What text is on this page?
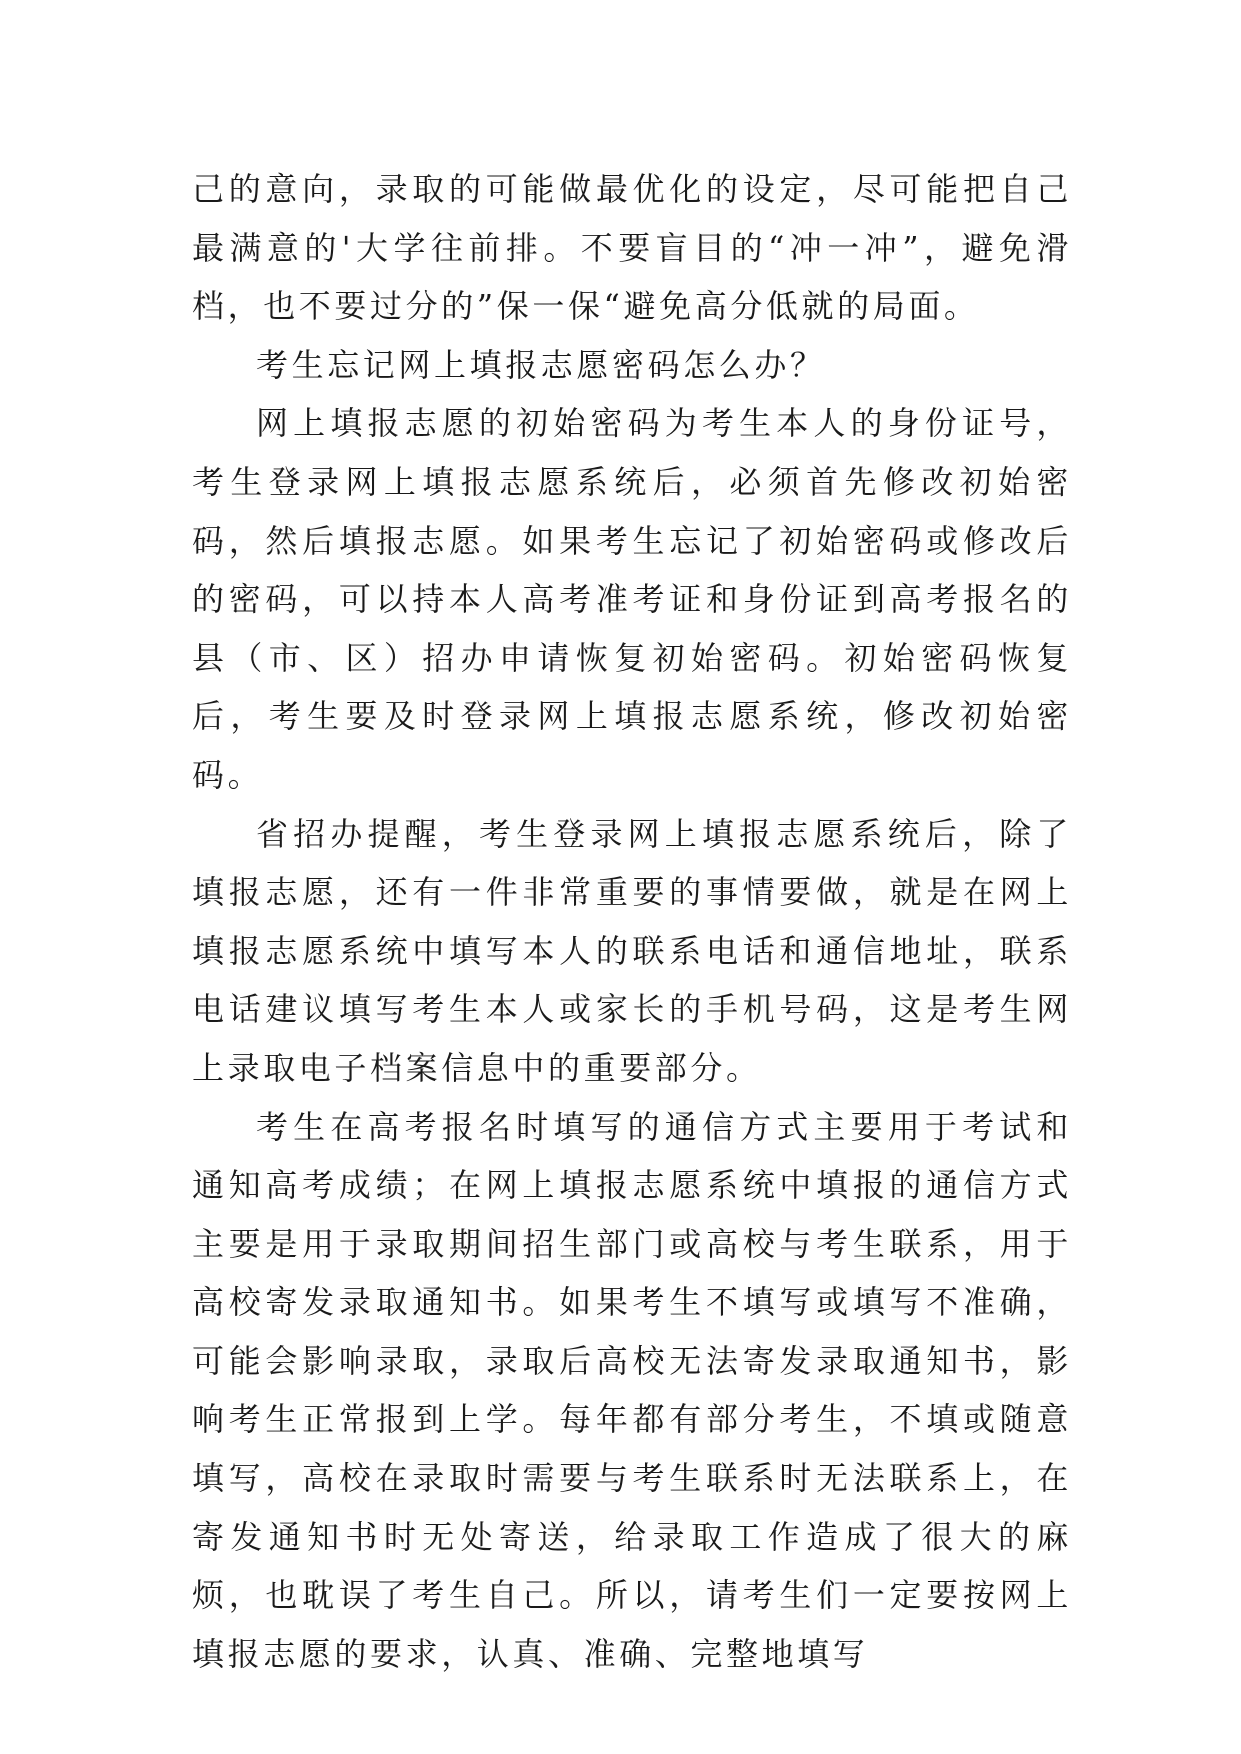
己的意向，录取的可能做最优化的设定，尽可能把自己最满意的'大学往前排。不要盲目的“冲一冲”，避免滑档，也不要过分的”保一保“避免高分低就的局面。

考生忘记网上填报志愿密码怎么办？

网上填报志愿的初始密码为考生本人的身份证号，考生登录网上填报志愿系统后，必须首先修改初始密码，然后填报志愿。如果考生忘记了初始密码或修改后的密码，可以持本人高考准考证和身份证到高考报名的县（市、区）招办申请恢复初始密码。初始密码恢复后，考生要及时登录网上填报志愿系统，修改初始密码。

省招办提醒，考生登录网上填报志愿系统后，除了填报志愿，还有一件非常重要的事情要做，就是在网上填报志愿系统中填写本人的联系电话和通信地址，联系电话建议填写考生本人或家长的手机号码，这是考生网上录取电子档案信息中的重要部分。

考生在高考报名时填写的通信方式主要用于考试和通知高考成绩；在网上填报志愿系统中填报的通信方式主要是用于录取期间招生部门或高校与考生联系，用于高校寄发录取通知书。如果考生不填写或填写不准确，可能会影响录取，录取后高校无法寄发录取通知书，影响考生正常报到上学。每年都有部分考生，不填或随意填写，高校在录取时需要与考生联系时无法联系上，在寄发通知书时无处寄送，给录取工作造成了很大的麻烦，也耽误了考生自己。所以，请考生们一定要按网上填报志愿的要求，认真、准确、完整地填写
